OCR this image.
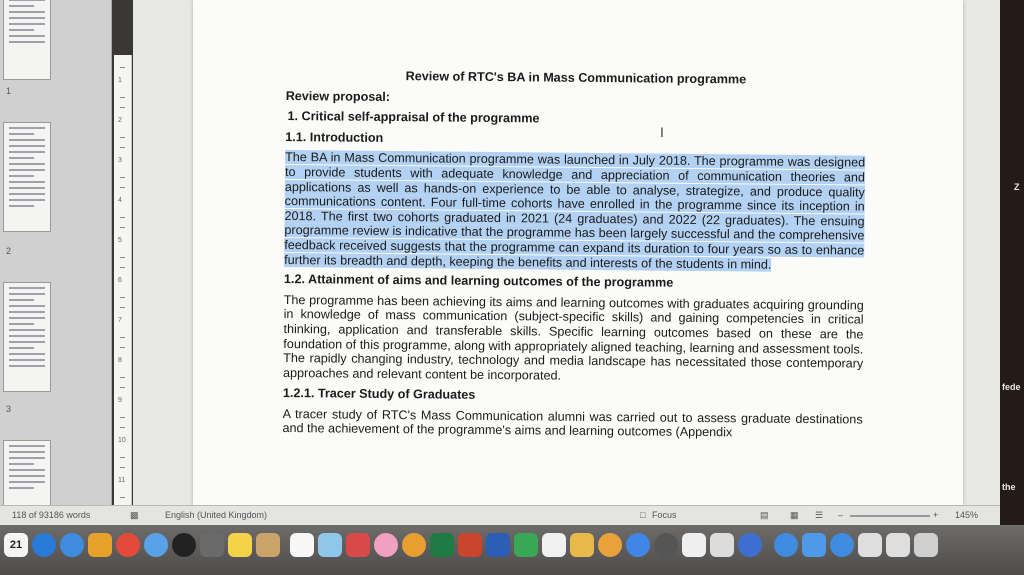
1
2
3
1
2
3
4
5
6
7
8
9
10
11
Review of RTC's BA in Mass Communication programme
Review proposal:
1. Critical self-appraisal of the programme
1.1. Introduction

The BA in Mass Communication programme was launched in July 2018. The programme was designed to provide students with adequate knowledge and appreciation of communication theories and applications as well as hands-on experience to be able to analyse, strategize, and produce quality communications content. Four full-time cohorts have enrolled in the programme since its inception in 2018. The first two cohorts graduated in 2021 (24 graduates) and 2022 (22 graduates). The ensuing programme review is indicative that the programme has been largely successful and the comprehensive feedback received suggests that the programme can expand its duration to four years so as to enhance further its breadth and depth, keeping the benefits and interests of the students in mind.

1.2. Attainment of aims and learning outcomes of the programme

The programme has been achieving its aims and learning outcomes with graduates acquiring grounding in knowledge of mass communication (subject-specific skills) and gaining competencies in critical thinking, application and transferable skills. Specific learning outcomes based on these are the foundation of this programme, along with appropriately aligned teaching, learning and assessment tools. The rapidly changing industry, technology and media landscape has necessitated those contemporary approaches and relevant content be incorporated.

1.2.1. Tracer Study of Graduates

A tracer study of RTC's Mass Communication alumni was carried out to assess graduate destinations and the achievement of the programme's aims and learning outcomes (Appendix

I
118 of 93186 words	▩	English (United Kingdom)	□ Focus	▤ ▦ ☰ –	+ 145%
Z
fede
the
21
